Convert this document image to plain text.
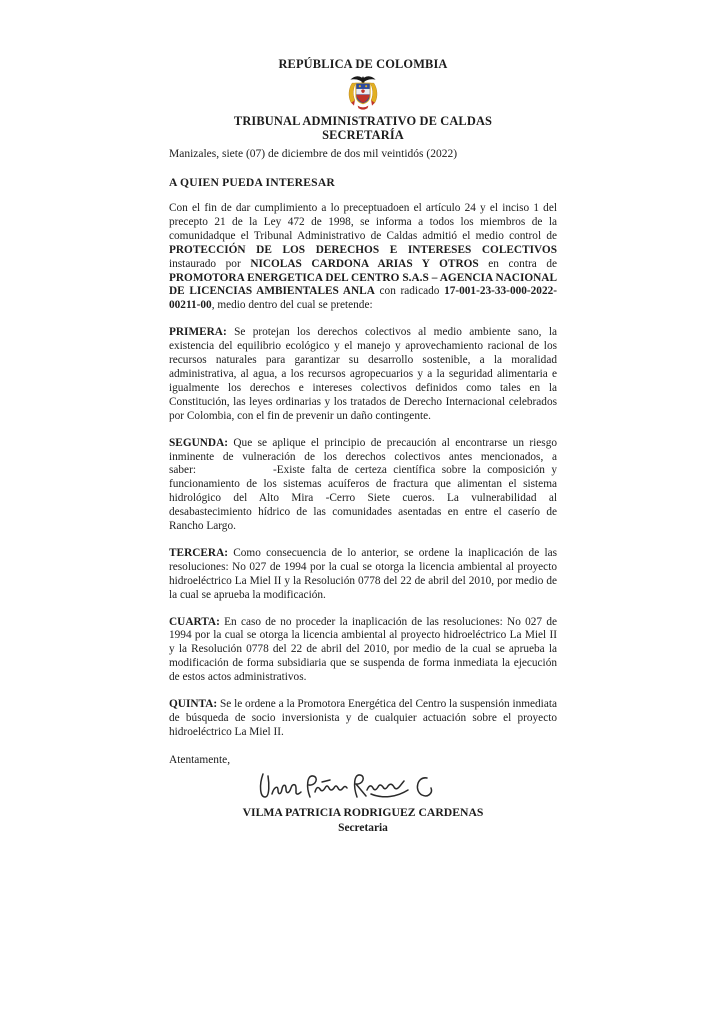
REPÚBLICA DE COLOMBIA
TRIBUNAL ADMINISTRATIVO DE CALDAS
SECRETARÍA

Manizales, siete (07) de diciembre de dos mil veintidós (2022)

A QUIEN PUEDA INTERESAR

Con el fin de dar cumplimiento a lo preceptuadoen el artículo 24 y el inciso 1 del precepto 21 de la Ley 472 de 1998, se informa a todos los miembros de la comunidadque el Tribunal Administrativo de Caldas admitió el medio control de PROTECCIÓN DE LOS DERECHOS E INTERESES COLECTIVOS instaurado por NICOLAS CARDONA ARIAS Y OTROS en contra de PROMOTORA ENERGETICA DEL CENTRO S.A.S – AGENCIA NACIONAL DE LICENCIAS AMBIENTALES ANLA con radicado 17-001-23-33-000-2022-00211-00, medio dentro del cual se pretende:

PRIMERA: Se protejan los derechos colectivos al medio ambiente sano, la existencia del equilibrio ecológico y el manejo y aprovechamiento racional de los recursos naturales para garantizar su desarrollo sostenible, a la moralidad administrativa, al agua, a los recursos agropecuarios y a la seguridad alimentaria e igualmente los derechos e intereses colectivos definidos como tales en la Constitución, las leyes ordinarias y los tratados de Derecho Internacional celebrados por Colombia, con el fin de prevenir un daño contingente.

SEGUNDA: Que se aplique el principio de precaución al encontrarse un riesgo inminente de vulneración de los derechos colectivos antes mencionados, a saber:            -Existe falta de certeza científica sobre la composición y funcionamiento de los sistemas acuíferos de fractura que alimentan el sistema hidrológico del Alto Mira -Cerro Siete cueros. La vulnerabilidad al desabastecimiento hídrico de las comunidades asentadas en entre el caserío de Rancho Largo.

TERCERA: Como consecuencia de lo anterior, se ordene la inaplicación de las resoluciones: No 027 de 1994 por la cual se otorga la licencia ambiental al proyecto hidroeléctrico La Miel II y la Resolución 0778 del 22 de abril del 2010, por medio de la cual se aprueba la modificación.

CUARTA: En caso de no proceder la inaplicación de las resoluciones: No 027 de 1994 por la cual se otorga la licencia ambiental al proyecto hidroeléctrico La Miel II y la Resolución 0778 del 22 de abril del 2010, por medio de la cual se aprueba la modificación de forma subsidiaria que se suspenda de forma inmediata la ejecución de estos actos administrativos.

QUINTA: Se le ordene a la Promotora Energética del Centro la suspensión inmediata de búsqueda de socio inversionista y de cualquier actuación sobre el proyecto hidroeléctrico La Miel II.

Atentamente,

VILMA PATRICIA RODRIGUEZ CARDENAS
Secretaria
